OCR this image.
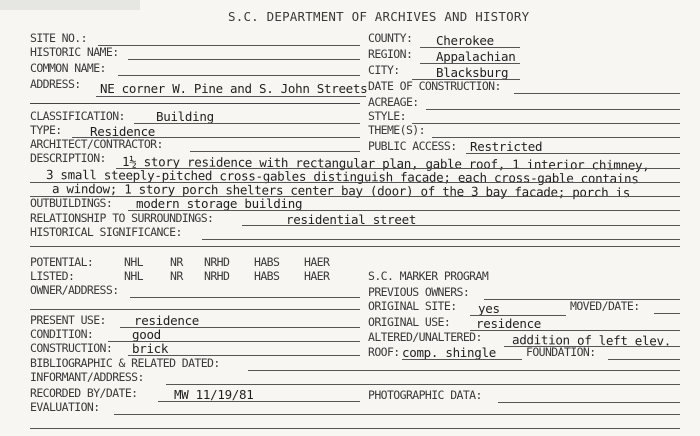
S.C. DEPARTMENT OF ARCHIVES AND HISTORY
SITE NO.:	COUNTY: Cherokee
HISTORIC NAME:	REGION: Appalachian
COMMON NAME:	CITY:	Blacksburg
ADDRESS: NE corner W. Pine and S. John Streets DATE OF CONSTRUCTION:
ACREAGE:
CLASSIFICATION: Building	STYLE:
TYPE: Residence	THEME(S):
ARCHITECT/CONTRACTOR:	PUBLIC ACCESS: Restricted
DESCRIPTION: 1½ story residence with rectangular plan, gable roof, 1 interior chimney,
3 small steeply-pitched cross-gables distinguish facade; each cross-gable contains
a window; 1 story porch shelters center bay (door) of the 3 bay facade; porch is
OUTBUILDINGS: modern storage building
RELATIONSHIP TO SURROUNDINGS:	residential street
HISTORICAL SIGNIFICANCE:
POTENTIAL:	NHL NR NRHD HABS HAER
LISTED:	NHL NR NRHD HABS HAER	S.C. MARKER PROGRAM
OWNER/ADDRESS:	PREVIOUS OWNERS:
ORIGINAL SITE: yes	MOVED/DATE:
PRESENT USE: residence	ORIGINAL USE: residence
CONDITION:	good	ALTERED/UNALTERED: addition of left elev.
CONSTRUCTION: brick	ROOF: comp. shingle	FOUNDATION:
BIBLIOGRAPHIC & RELATED DATED:
INFORMANT/ADDRESS:
RECORDED BY/DATE:	MW 11/19/81	PHOTOGRAPHIC DATA:
EVALUATION:
